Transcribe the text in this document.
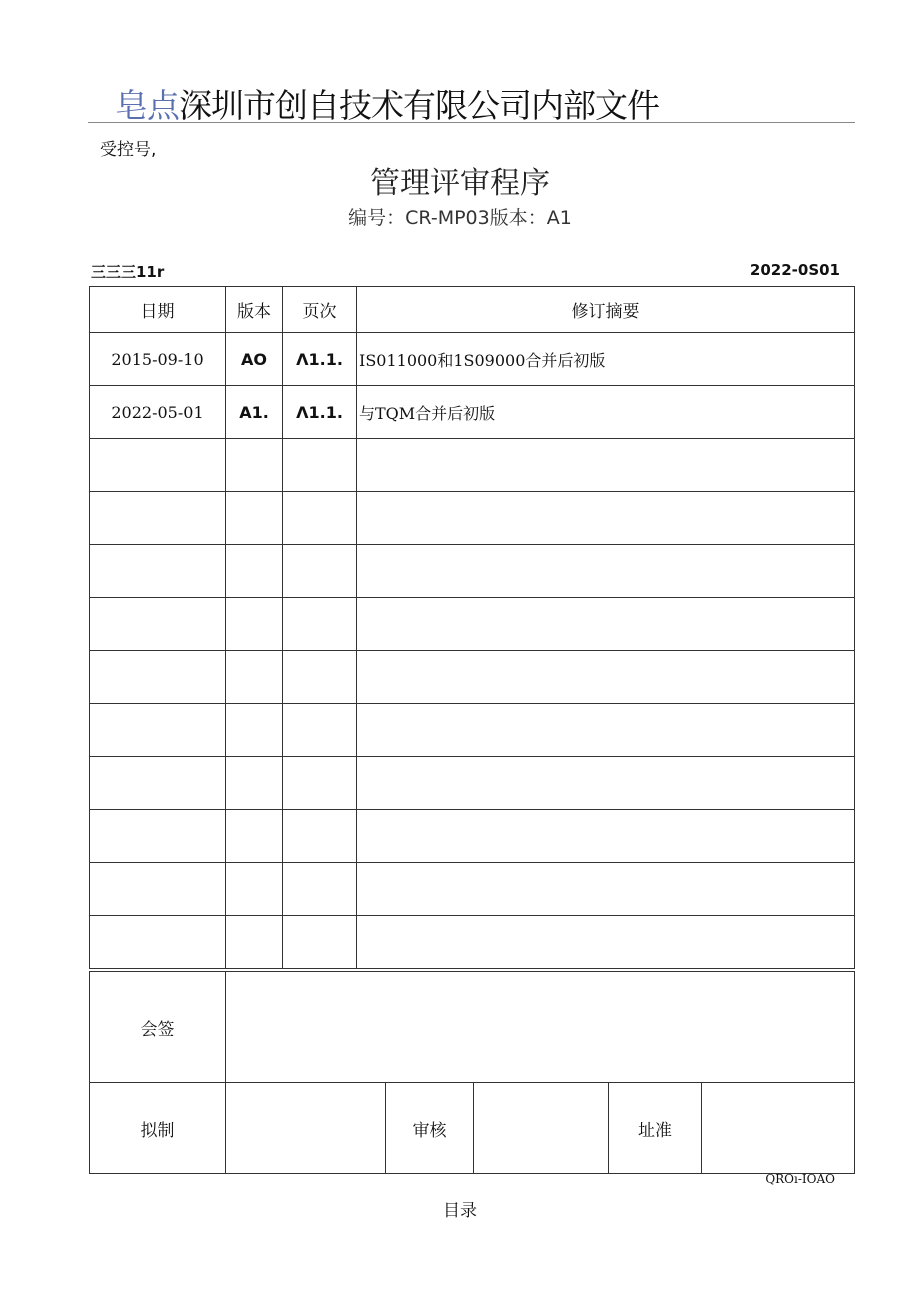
皂点深圳市创自技术有限公司内部文件
受控号,
管理评审程序
编号：CR-MP03版本：A1
三三三11r	2022-0S01
日期	版本	页次	修订摘要
2015-09-10	AO	Λ1.1.	IS011000和1S09000合并后初版
2022-05-01	A1.	Λ1.1.	与TQM合并后初版

会签					
拟制		审核		址准	
QROı-IOAO
目录
